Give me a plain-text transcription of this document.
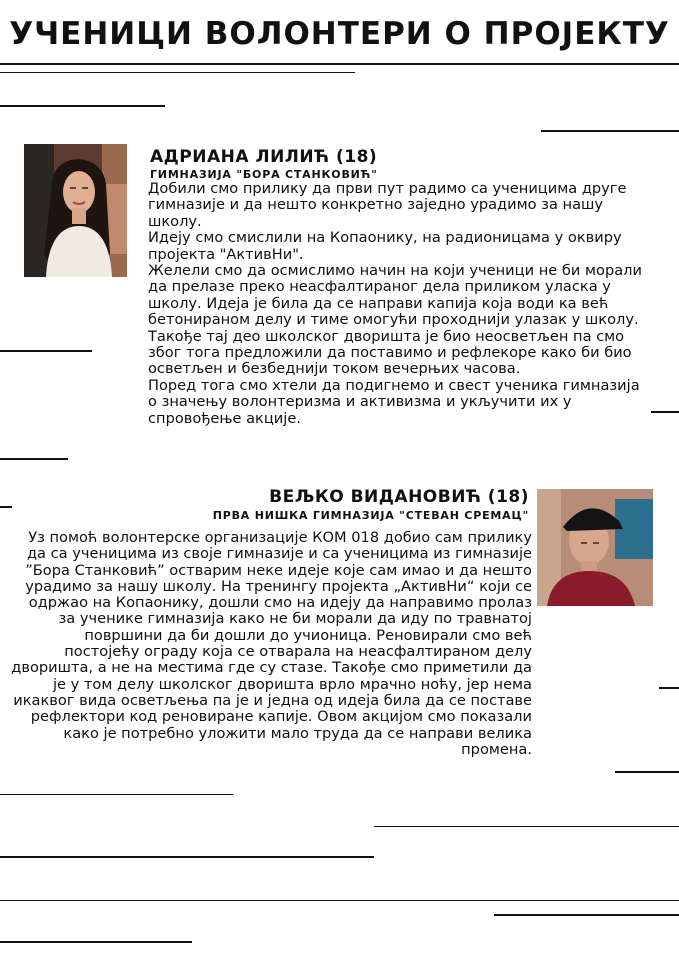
УЧЕНИЦИ ВОЛОНТЕРИ О ПРОЈЕКТУ
АДРИАНА ЛИЛИЋ (18)
ГИМНАЗИЈА "БОРА СТАНКОВИЋ"

Добили смо прилику да први пут радимо са ученицима друге гимназије и да нешто конкретно заједно урадимо за нашу школу.

Идеју смо смислили на Копаонику, на радионицама у оквиру пројекта "АктивНи".

Желели смо да осмислимо начин на који ученици не би морали да прелазе преко неасфалтираног дела приликом уласка у школу. Идеја је била да се направи капија која води ка већ бетонираном делу и тиме омогући проходнији улазак у школу.

Такође тај део школског дворишта је био неосветљен па смо због тога предложили да поставимо и рефлекоре како би био осветљен и безбеднији током вечерњих часова.

Поред тога смо хтели да подигнемо и свест ученика гимназија о значењу волонтеризма и активизма и укључити их у спровођење акције.

ВЕЉКО ВИДАНОВИЋ (18)
ПРВА НИШКА ГИМНАЗИЈА "СТЕВАН СРЕМАЦ"

Уз помоћ волонтерске организације КОМ 018 добио сам прилику да са ученицима из своје гимназије и са ученицима из гимназије ”Бора Станковић” остварим неке идеје које сам имао и да нешто урадимо за нашу школу. На тренингу пројекта „АктивНи“ који се одржао на Копаонику, дошли смо на идеју да направимо пролаз за ученике гимназија како не би морали да иду по травнатој површини да би дошли до учионица. Реновирали смо већ постојећу ограду која се отварала на неасфалтираном делу дворишта, а не на местима где су стазе. Такође смо приметили да је у том делу школског дворишта врло мрачно ноћу, јер нема икаквог вида осветљења па је и једна од идеја била да се поставе рефлектори код реновиране капије. Овом акцијом смо показали како је потребно уложити мало труда да се направи велика промена.
